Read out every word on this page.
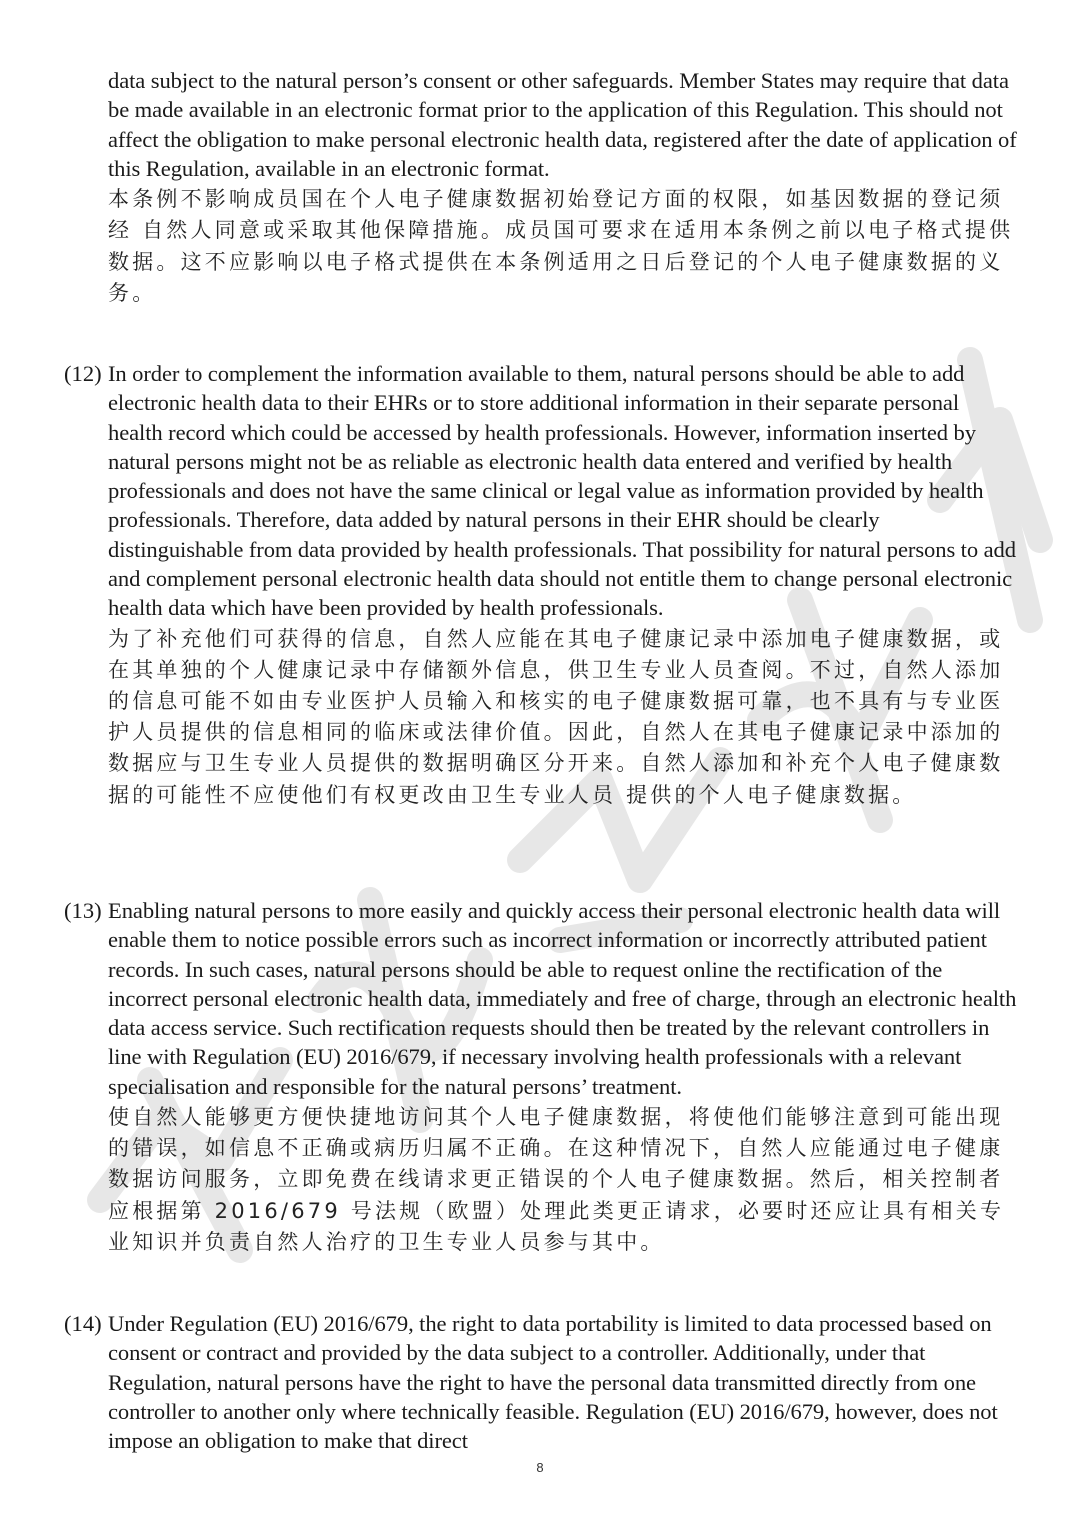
data subject to the natural person’s consent or other safeguards. Member States may require that data be made available in an electronic format prior to the application of this Regulation. This should not affect the obligation to make personal electronic health data, registered after the date of application of this Regulation, available in an electronic format.

本条例不影响成员国在个人电子健康数据初始登记方面的权限，如基因数据的登记须经 自然人同意或采取其他保障措施。成员国可要求在适用本条例之前以电子格式提供数据。这不应影响以电子格式提供在本条例适用之日后登记的个人电子健康数据的义务。

(12) In order to complement the information available to them, natural persons should be able to add electronic health data to their EHRs or to store additional information in their separate personal health record which could be accessed by health professionals. However, information inserted by natural persons might not be as reliable as electronic health data entered and verified by health professionals and does not have the same clinical or legal value as information provided by health professionals. Therefore, data added by natural persons in their EHR should be clearly distinguishable from data provided by health professionals. That possibility for natural persons to add and complement personal electronic health data should not entitle them to change personal electronic health data which have been provided by health professionals.

为了补充他们可获得的信息，自然人应能在其电子健康记录中添加电子健康数据，或在其单独的个人健康记录中存储额外信息，供卫生专业人员查阅。不过，自然人添加的信息可能不如由专业医护人员输入和核实的电子健康数据可靠，也不具有与专业医护人员提供的信息相同的临床或法律价值。因此，自然人在其电子健康记录中添加的数据应与卫生专业人员提供的数据明确区分开来。自然人添加和补充个人电子健康数据的可能性不应使他们有权更改由卫生专业人员 提供的个人电子健康数据。

(13) Enabling natural persons to more easily and quickly access their personal electronic health data will enable them to notice possible errors such as incorrect information or incorrectly attributed patient records. In such cases, natural persons should be able to request online the rectification of the incorrect personal electronic health data, immediately and free of charge, through an electronic health data access service. Such rectification requests should then be treated by the relevant controllers in line with Regulation (EU) 2016/679, if necessary involving health professionals with a relevant specialisation and responsible for the natural persons’ treatment.

使自然人能够更方便快捷地访问其个人电子健康数据，将使他们能够注意到可能出现的错误，如信息不正确或病历归属不正确。在这种情况下，自然人应能通过电子健康数据访问服务，立即免费在线请求更正错误的个人电子健康数据。然后，相关控制者应根据第 2016/679 号法规（欧盟）处理此类更正请求，必要时还应让具有相关专业知识并负责自然人治疗的卫生专业人员参与其中。

(14) Under Regulation (EU) 2016/679, the right to data portability is limited to data processed based on consent or contract and provided by the data subject to a controller. Additionally, under that Regulation, natural persons have the right to have the personal data transmitted directly from one controller to another only where technically feasible. Regulation (EU) 2016/679, however, does not impose an obligation to make that direct

8
